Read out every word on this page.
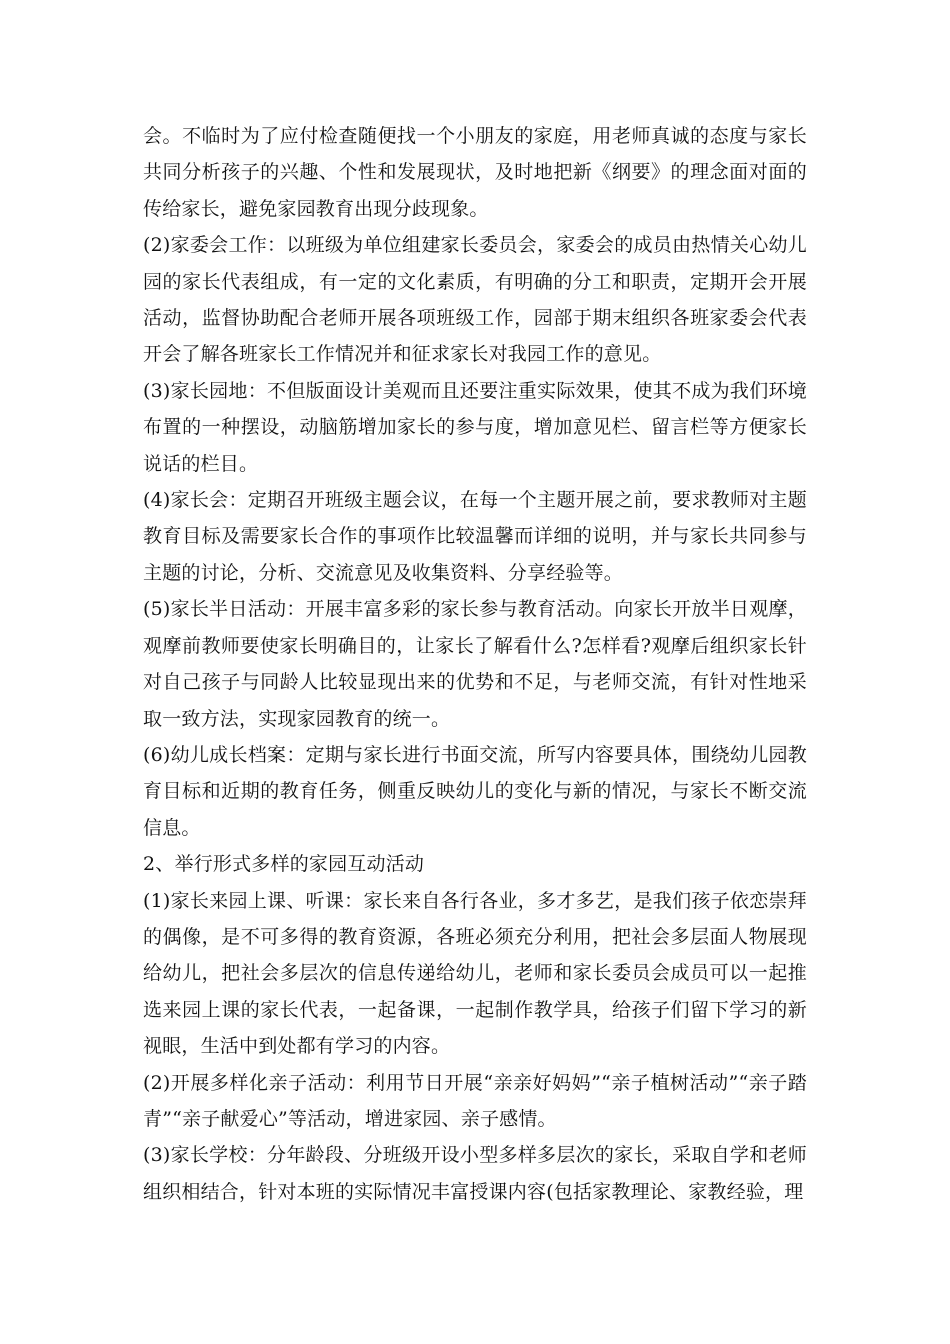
会。不临时为了应付检查随便找一个小朋友的家庭，用老师真诚的态度与家长共同分析孩子的兴趣、个性和发展现状，及时地把新《纲要》的理念面对面的传给家长，避免家园教育出现分歧现象。

(2)家委会工作：以班级为单位组建家长委员会，家委会的成员由热情关心幼儿园的家长代表组成，有一定的文化素质，有明确的分工和职责，定期开会开展活动，监督协助配合老师开展各项班级工作，园部于期末组织各班家委会代表开会了解各班家长工作情况并和征求家长对我园工作的意见。

(3)家长园地：不但版面设计美观而且还要注重实际效果，使其不成为我们环境布置的一种摆设，动脑筋增加家长的参与度，增加意见栏、留言栏等方便家长说话的栏目。

(4)家长会：定期召开班级主题会议，在每一个主题开展之前，要求教师对主题教育目标及需要家长合作的事项作比较温馨而详细的说明，并与家长共同参与主题的讨论，分析、交流意见及收集资料、分享经验等。

(5)家长半日活动：开展丰富多彩的家长参与教育活动。向家长开放半日观摩，观摩前教师要使家长明确目的，让家长了解看什么?怎样看?观摩后组织家长针对自己孩子与同龄人比较显现出来的优势和不足，与老师交流，有针对性地采取一致方法，实现家园教育的统一。

(6)幼儿成长档案：定期与家长进行书面交流，所写内容要具体，围绕幼儿园教育目标和近期的教育任务，侧重反映幼儿的变化与新的情况，与家长不断交流信息。

2、举行形式多样的家园互动活动

(1)家长来园上课、听课：家长来自各行各业，多才多艺，是我们孩子依恋崇拜的偶像，是不可多得的教育资源，各班必须充分利用，把社会多层面人物展现给幼儿，把社会多层次的信息传递给幼儿，老师和家长委员会成员可以一起推选来园上课的家长代表，一起备课，一起制作教学具，给孩子们留下学习的新视眼，生活中到处都有学习的内容。

(2)开展多样化亲子活动：利用节日开展“亲亲好妈妈”“亲子植树活动”“亲子踏青”“亲子献爱心”等活动，增进家园、亲子感情。

(3)家长学校：分年龄段、分班级开设小型多样多层次的家长，采取自学和老师组织相结合，针对本班的实际情况丰富授课内容(包括家教理论、家教经验，理
